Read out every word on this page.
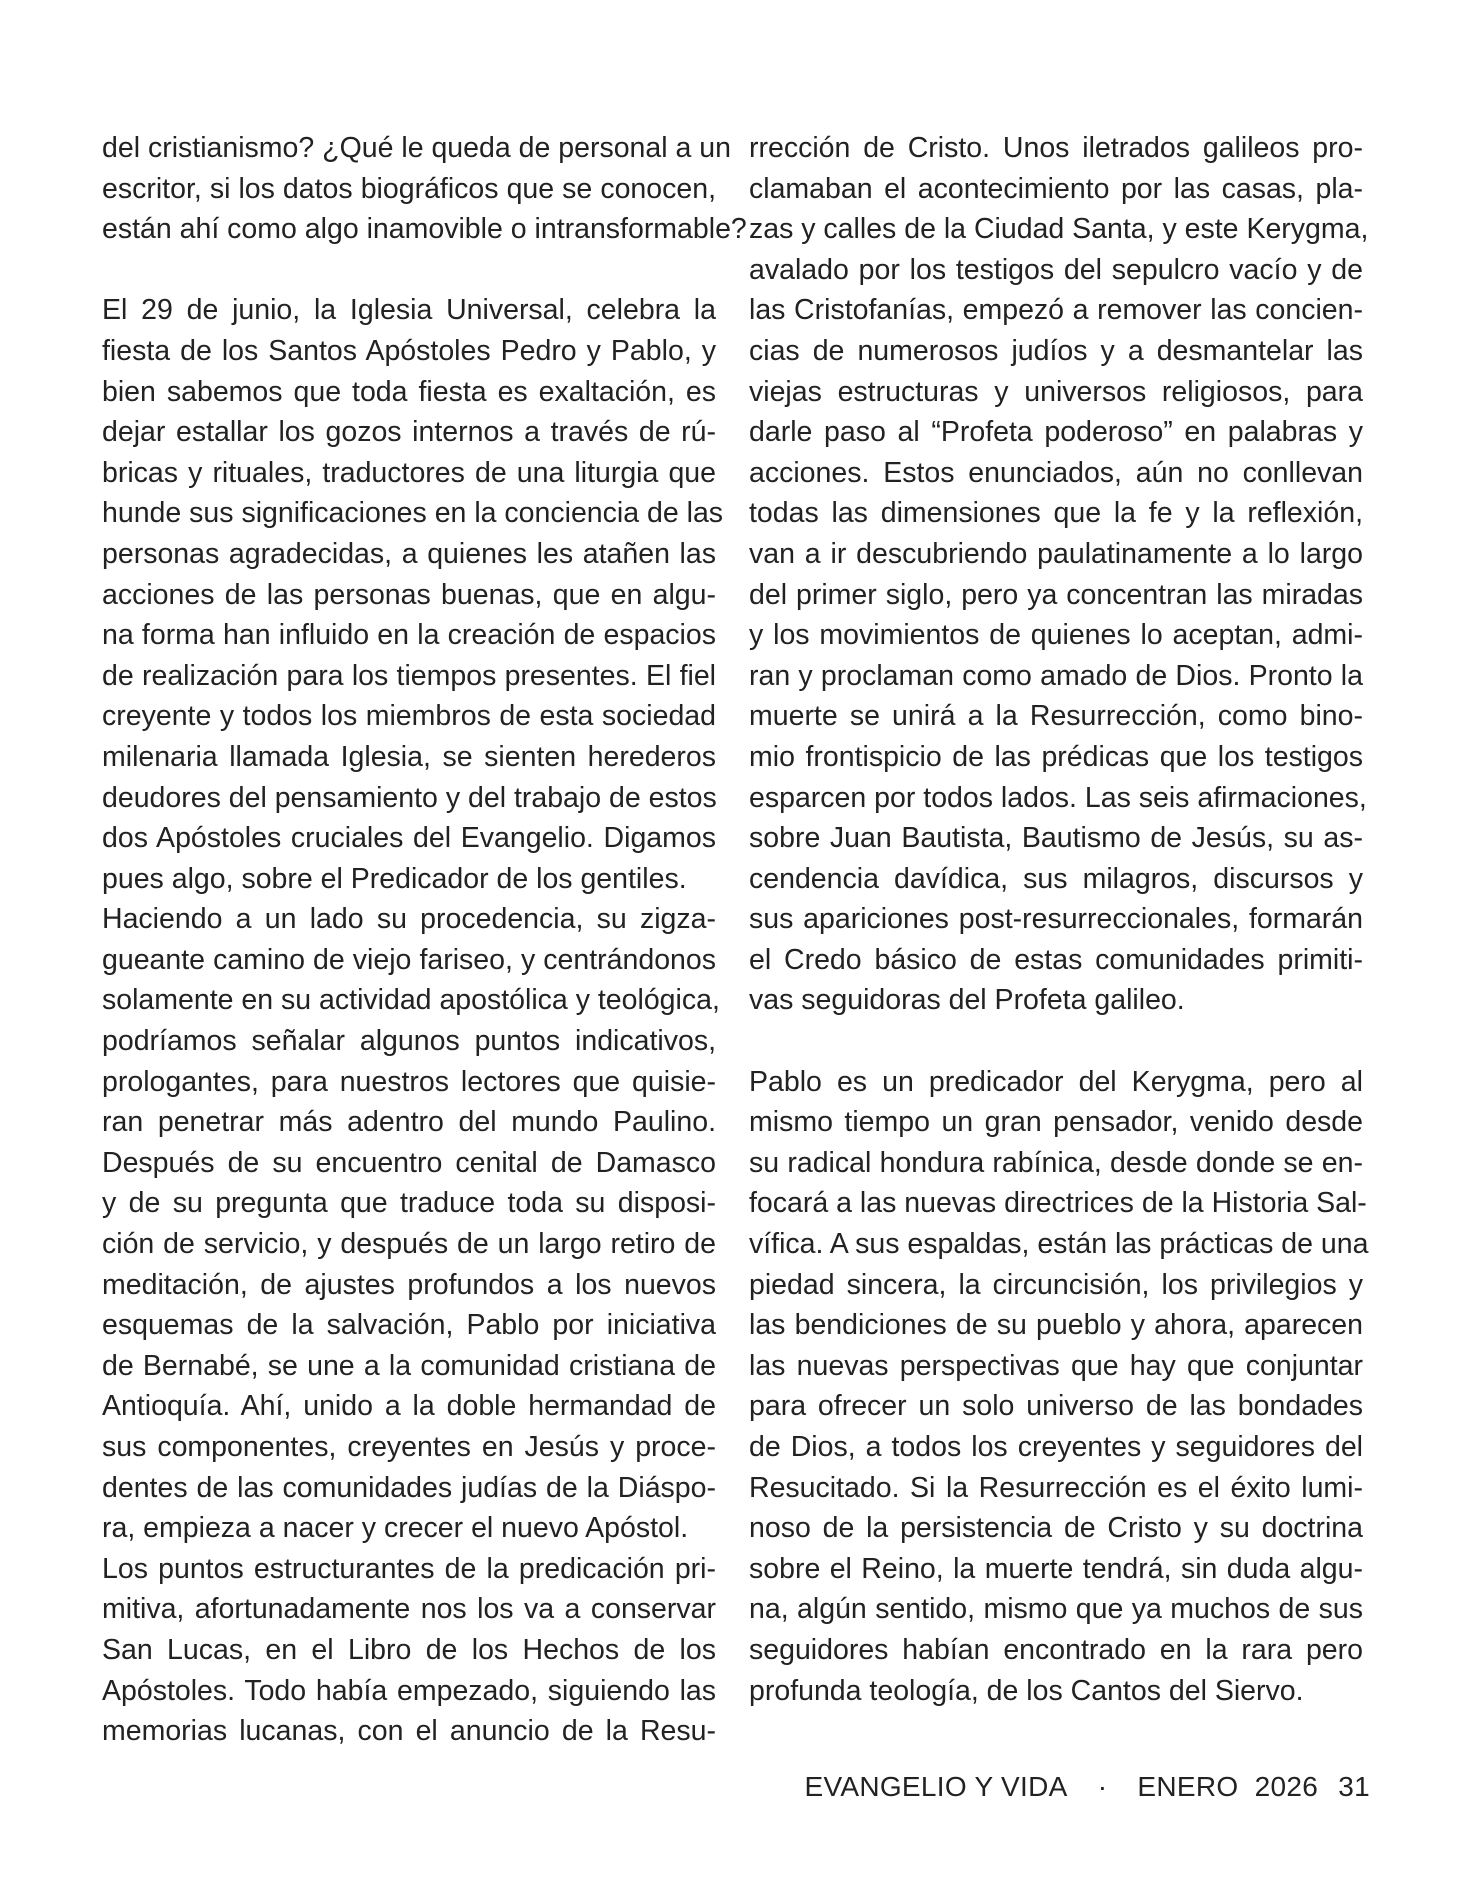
del cristianismo? ¿Qué le queda de personal a un
escritor, si los datos biográficos que se conocen,
están ahí como algo inamovible o intransformable?
El 29 de junio, la Iglesia Universal, celebra la
fiesta de los Santos Apóstoles Pedro y Pablo, y
bien sabemos que toda fiesta es exaltación, es
dejar estallar los gozos internos a través de rú-
bricas y rituales, traductores de una liturgia que
hunde sus significaciones en la conciencia de las
personas agradecidas, a quienes les atañen las
acciones de las personas buenas, que en algu-
na forma han influido en la creación de espacios
de realización para los tiempos presentes. El fiel
creyente y todos los miembros de esta sociedad
milenaria llamada Iglesia, se sienten herederos
deudores del pensamiento y del trabajo de estos
dos Apóstoles cruciales del Evangelio. Digamos
pues algo, sobre el Predicador de los gentiles.
Haciendo a un lado su procedencia, su zigza-
gueante camino de viejo fariseo, y centrándonos
solamente en su actividad apostólica y teológica,
podríamos señalar algunos puntos indicativos,
prologantes, para nuestros lectores que quisie-
ran penetrar más adentro del mundo Paulino.
Después de su encuentro cenital de Damasco
y de su pregunta que traduce toda su disposi-
ción de servicio, y después de un largo retiro de
meditación, de ajustes profundos a los nuevos
esquemas de la salvación, Pablo por iniciativa
de Bernabé, se une a la comunidad cristiana de
Antioquía. Ahí, unido a la doble hermandad de
sus componentes, creyentes en Jesús y proce-
dentes de las comunidades judías de la Diáspo-
ra, empieza a nacer y crecer el nuevo Apóstol.
Los puntos estructurantes de la predicación pri-
mitiva, afortunadamente nos los va a conservar
San Lucas, en el Libro de los Hechos de los
Apóstoles. Todo había empezado, siguiendo las
memorias lucanas, con el anuncio de la Resu-
rrección de Cristo. Unos iletrados galileos pro-
clamaban el acontecimiento por las casas, pla-
zas y calles de la Ciudad Santa, y este Kerygma,
avalado por los testigos del sepulcro vacío y de
las Cristofanías, empezó a remover las concien-
cias de numerosos judíos y a desmantelar las
viejas estructuras y universos religiosos, para
darle paso al “Profeta poderoso” en palabras y
acciones. Estos enunciados, aún no conllevan
todas las dimensiones que la fe y la reflexión,
van a ir descubriendo paulatinamente a lo largo
del primer siglo, pero ya concentran las miradas
y los movimientos de quienes lo aceptan, admi-
ran y proclaman como amado de Dios. Pronto la
muerte se unirá a la Resurrección, como bino-
mio frontispicio de las prédicas que los testigos
esparcen por todos lados. Las seis afirmaciones,
sobre Juan Bautista, Bautismo de Jesús, su as-
cendencia davídica, sus milagros, discursos y
sus apariciones post-resurreccionales, formarán
el Credo básico de estas comunidades primiti-
vas seguidoras del Profeta galileo.
Pablo es un predicador del Kerygma, pero al
mismo tiempo un gran pensador, venido desde
su radical hondura rabínica, desde donde se en-
focará a las nuevas directrices de la Historia Sal-
vífica. A sus espaldas, están las prácticas de una
piedad sincera, la circuncisión, los privilegios y
las bendiciones de su pueblo y ahora, aparecen
las nuevas perspectivas que hay que conjuntar
para ofrecer un solo universo de las bondades
de Dios, a todos los creyentes y seguidores del
Resucitado. Si la Resurrección es el éxito lumi-
noso de la persistencia de Cristo y su doctrina
sobre el Reino, la muerte tendrá, sin duda algu-
na, algún sentido, mismo que ya muchos de sus
seguidores habían encontrado en la rara pero
profunda teología, de los Cantos del Siervo.
EVANGELIO Y VIDA · ENERO  2026 31
